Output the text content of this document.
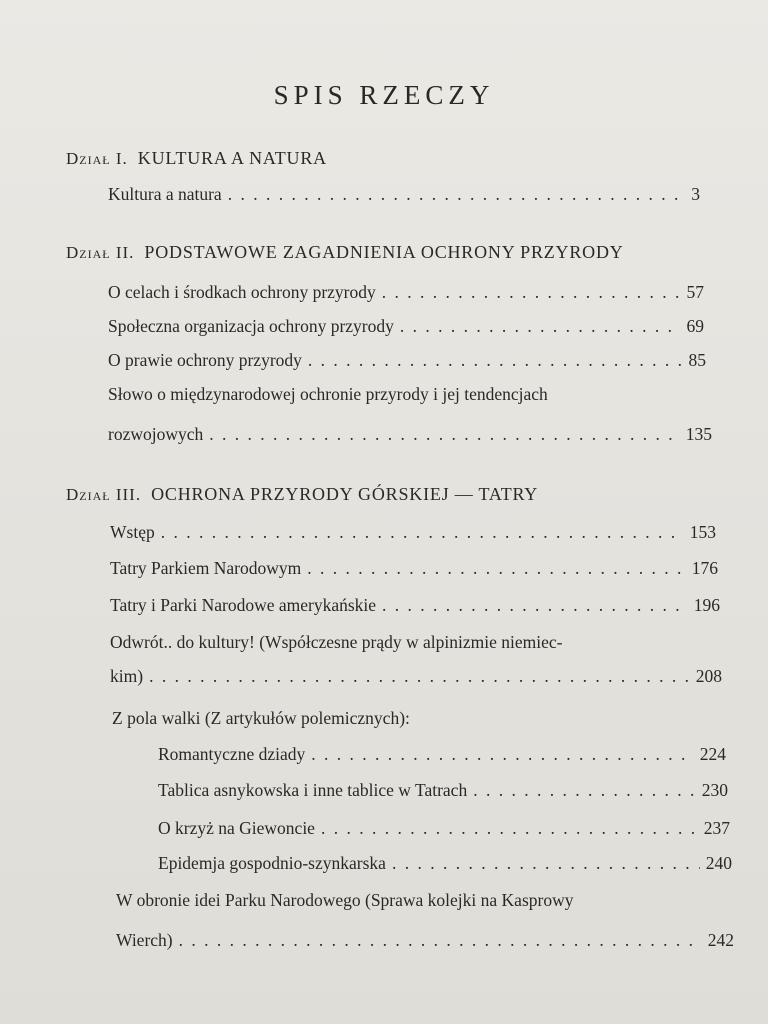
SPIS RZECZY
Dział I. KULTURA A NATURA
Kultura a natura . . .	3
Dział II. PODSTAWOWE ZAGADNIENIA OCHRONY PRZYRODY
O celach i środkach ochrony przyrody . . .	57
Społeczna organizacja ochrony przyrody . . .	69
O prawie ochrony przyrody . . .	85
Słowo o międzynarodowej ochronie przyrody i jej tendencjach
rozwojowych . . .	135
Dział III. OCHRONA PRZYRODY GÓRSKIEJ — TATRY
Wstęp . . .	153
Tatry Parkiem Narodowym . . .	176
Tatry i Parki Narodowe amerykańskie . . .	196
Odwrót.. do kultury! (Współczesne prądy w alpinizmie niemiec-
kim) . . .	208
Z pola walki (Z artykułów polemicznych):
Romantyczne dziady . . .	224
Tablica asnykowska i inne tablice w Tatrach . . .	230
O krzyż na Giewoncie . . .	237
Epidemja gospodnio-szynkarska . . .	240
W obronie idei Parku Narodowego (Sprawa kolejki na Kasprowy
Wierch) . . .	242
